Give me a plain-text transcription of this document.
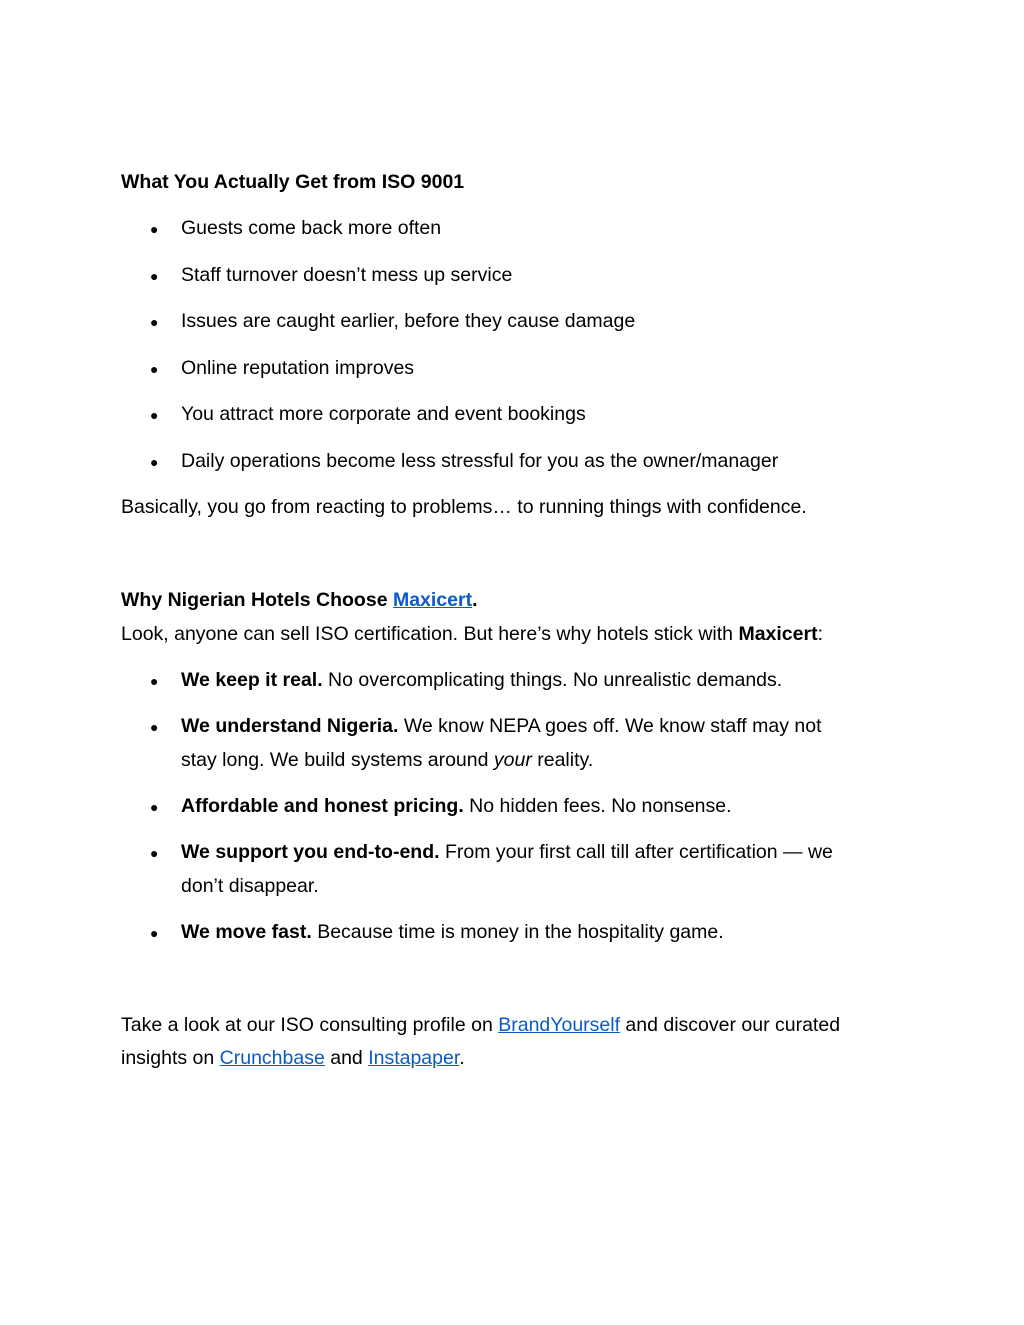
What You Actually Get from ISO 9001
● Guests come back more often
● Staff turnover doesn’t mess up service
● Issues are caught earlier, before they cause damage
● Online reputation improves
● You attract more corporate and event bookings
● Daily operations become less stressful for you as the owner/manager
Basically, you go from reacting to problems… to running things with confidence.
Why Nigerian Hotels Choose Maxicert.
Look, anyone can sell ISO certification. But here’s why hotels stick with Maxicert:
● We keep it real. No overcomplicating things. No unrealistic demands.
● We understand Nigeria. We know NEPA goes off. We know staff may not
stay long. We build systems around your reality.
● Affordable and honest pricing. No hidden fees. No nonsense.
● We support you end-to-end. From your first call till after certification — we
don’t disappear.
● We move fast. Because time is money in the hospitality game.
Take a look at our ISO consulting profile on BrandYourself and discover our curated
insights on Crunchbase and Instapaper.
